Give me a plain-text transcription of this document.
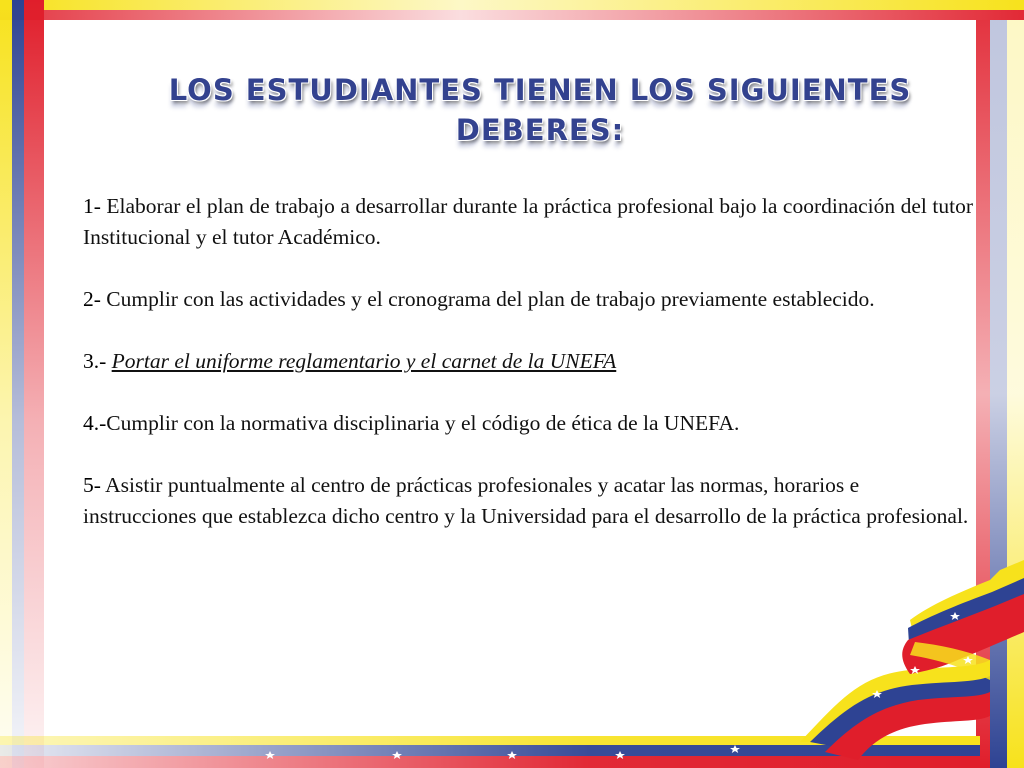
LOS ESTUDIANTES TIENEN LOS SIGUIENTES
DEBERES:

1- Elaborar el plan de trabajo a desarrollar durante la práctica profesional bajo la coordinación del tutor Institucional y el tutor Académico.

2- Cumplir con las actividades y el cronograma del plan de trabajo previamente establecido.

3.- Portar el uniforme reglamentario y el carnet de la UNEFA

4.-Cumplir con la normativa disciplinaria y el código de ética de la UNEFA.

5- Asistir puntualmente al centro de prácticas profesionales y acatar las normas, horarios e instrucciones que establezca dicho centro y la Universidad para el desarrollo de la práctica profesional.
